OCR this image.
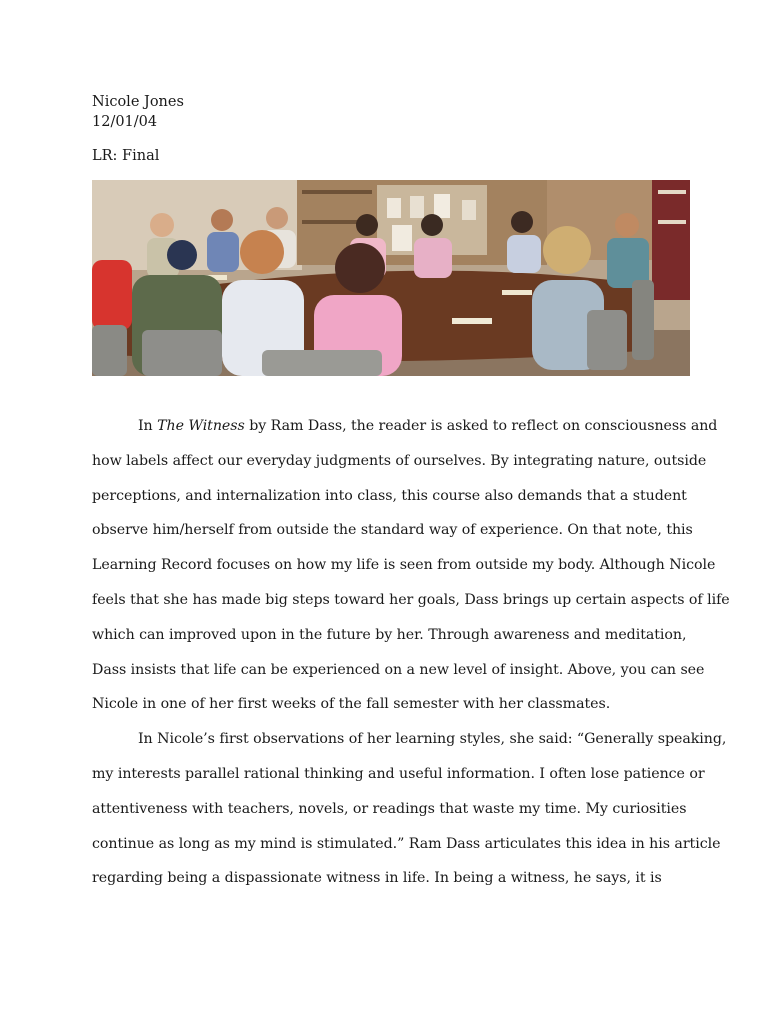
Nicole Jones

12/01/04

LR: Final

In The Witness by Ram Dass, the reader is asked to reflect on consciousness and
how labels affect our everyday judgments of ourselves. By integrating nature, outside
perceptions, and internalization into class, this course also demands that a student
observe him/herself from outside the standard way of experience. On that note, this
Learning Record focuses on how my life is seen from outside my body. Although Nicole
feels that she has made big steps toward her goals, Dass brings up certain aspects of life
which can improved upon in the future by her. Through awareness and meditation,
Dass insists that life can be experienced on a new level of insight. Above, you can see
Nicole in one of her first weeks of the fall semester with her classmates.

In Nicole’s first observations of her learning styles, she said: “Generally speaking,
my interests parallel rational thinking and useful information. I often lose patience or
attentiveness with teachers, novels, or readings that waste my time. My curiosities
continue as long as my mind is stimulated.” Ram Dass articulates this idea in his article
regarding being a dispassionate witness in life. In being a witness, he says, it is
